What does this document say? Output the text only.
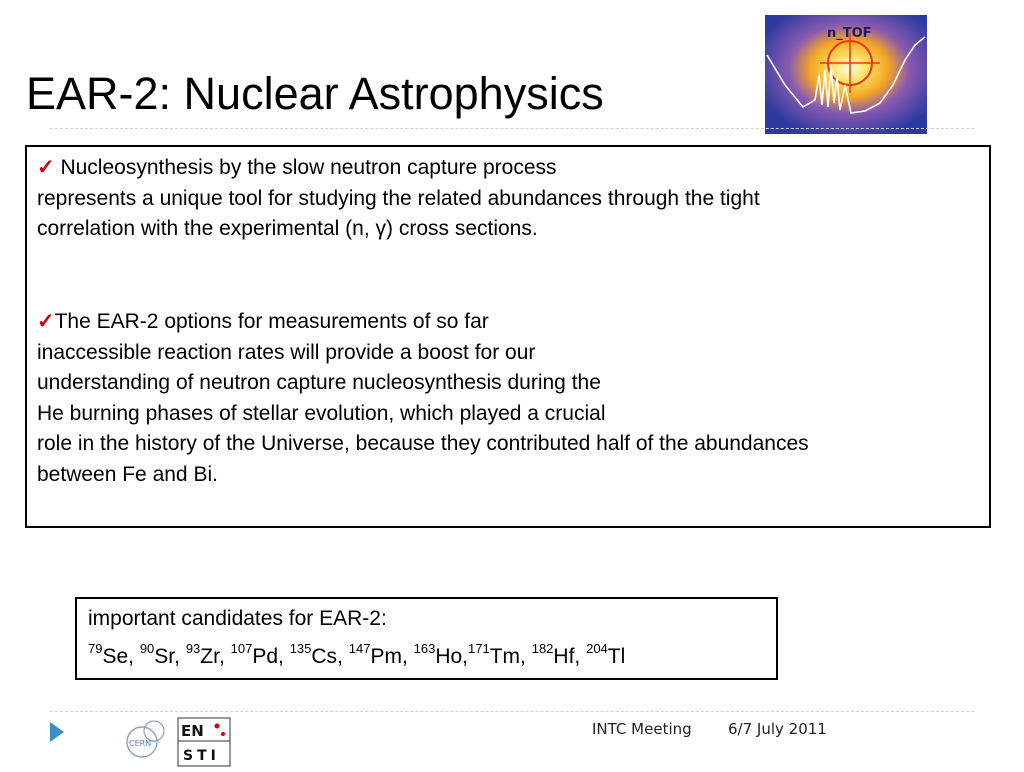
EAR-2: Nuclear Astrophysics
n_TOF

✓ Nucleosynthesis by the slow neutron capture process
represents a unique tool for studying the related abundances through the tight
correlation with the experimental (n, γ) cross sections.

✓The EAR-2 options for measurements of so far
inaccessible reaction rates will provide a boost for our
understanding of neutron capture nucleosynthesis during the
He burning phases of stellar evolution, which played a crucial
role in the history of the Universe, because they contributed half of the abundances
between Fe and Bi.

important candidates for EAR-2:
$^{79}$Se, $^{90}$Sr, $^{93}$Zr, $^{107}$Pd, $^{135}$Cs, $^{147}$Pm, $^{163}$Ho,$^{171}$Tm, $^{182}$Hf, $^{204}$Tl
CERN
EN
STI
INTC Meeting 6/7 July 2011
